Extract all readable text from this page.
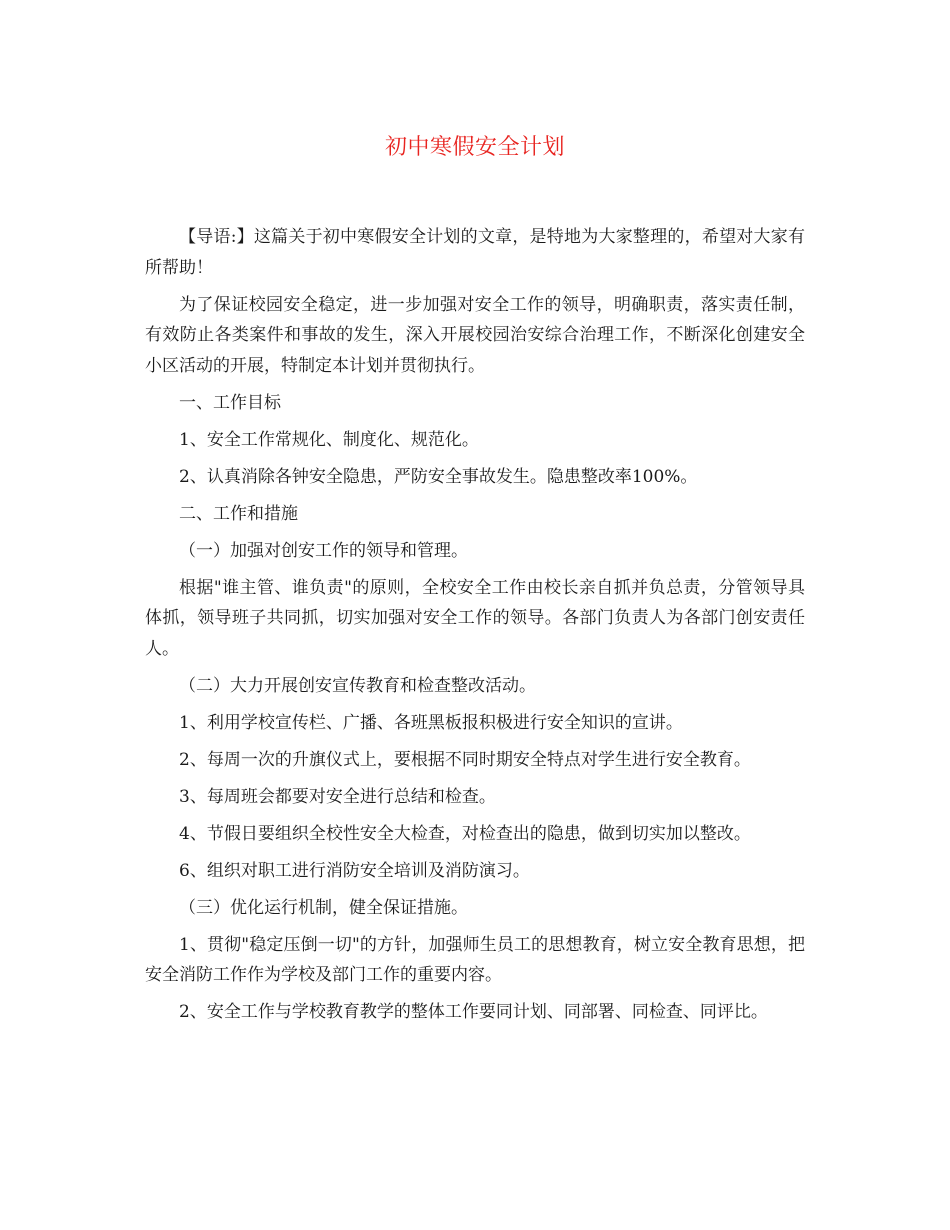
初中寒假安全计划

【导语:】这篇关于初中寒假安全计划的文章，是特地为大家整理的，希望对大家有所帮助！

为了保证校园安全稳定，进一步加强对安全工作的领导，明确职责，落实责任制，有效防止各类案件和事故的发生，深入开展校园治安综合治理工作，不断深化创建安全小区活动的开展，特制定本计划并贯彻执行。

一、工作目标

1、安全工作常规化、制度化、规范化。

2、认真消除各钟安全隐患，严防安全事故发生。隐患整改率100%。

二、工作和措施

（一）加强对创安工作的领导和管理。

根据"谁主管、谁负责"的原则，全校安全工作由校长亲自抓并负总责，分管领导具体抓，领导班子共同抓，切实加强对安全工作的领导。各部门负责人为各部门创安责任人。

（二）大力开展创安宣传教育和检查整改活动。

1、利用学校宣传栏、广播、各班黑板报积极进行安全知识的宣讲。

2、每周一次的升旗仪式上，要根据不同时期安全特点对学生进行安全教育。

3、每周班会都要对安全进行总结和检查。

4、节假日要组织全校性安全大检查，对检查出的隐患，做到切实加以整改。

6、组织对职工进行消防安全培训及消防演习。

（三）优化运行机制，健全保证措施。

1、贯彻"稳定压倒一切"的方针，加强师生员工的思想教育，树立安全教育思想，把安全消防工作作为学校及部门工作的重要内容。

2、安全工作与学校教育教学的整体工作要同计划、同部署、同检查、同评比。
